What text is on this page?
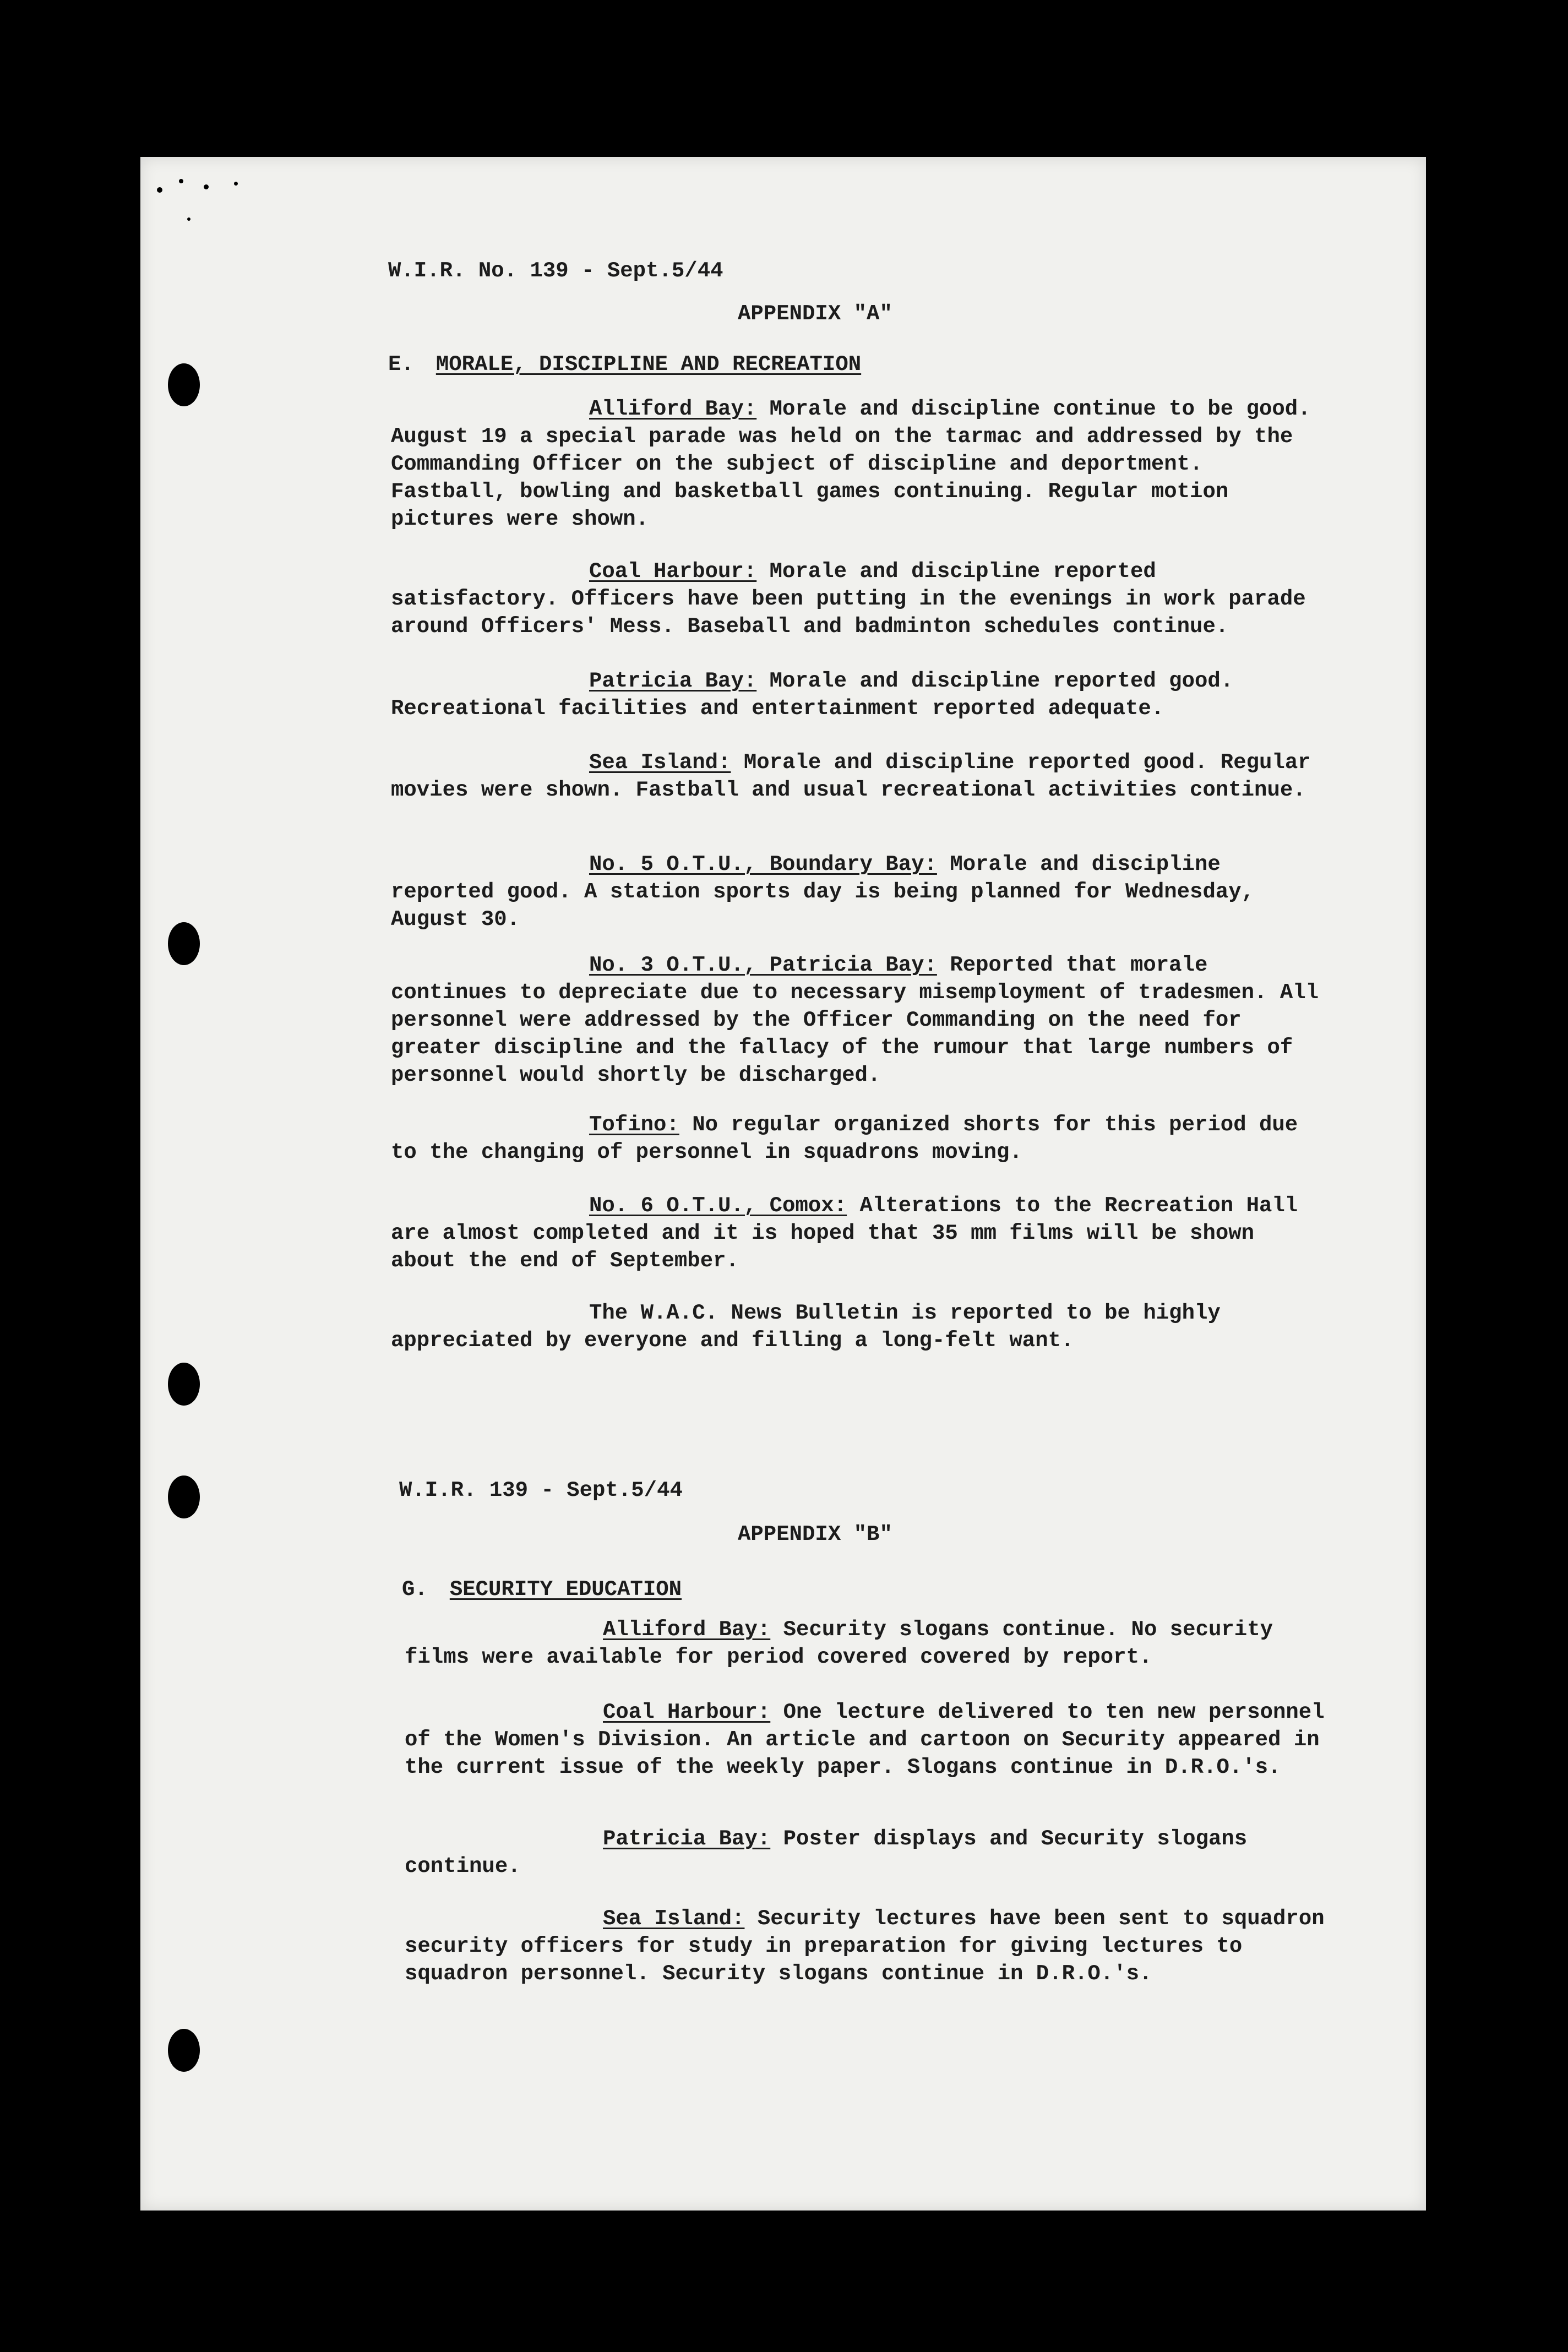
W.I.R. No. 139 - Sept.5/44
APPENDIX "A"
E. MORALE, DISCIPLINE AND RECREATION

Alliford Bay: Morale and discipline continue to be good. August 19 a special parade was held on the tarmac and addressed by the Commanding Officer on the subject of discipline and deportment. Fastball, bowling and basketball games continuing. Regular motion pictures were shown.

Coal Harbour: Morale and discipline reported satisfactory. Officers have been putting in the evenings in work parade around Officers' Mess. Baseball and badminton schedules continue.

Patricia Bay: Morale and discipline reported good. Recreational facilities and entertainment reported adequate.

Sea Island: Morale and discipline reported good. Regular movies were shown. Fastball and usual recreational activities continue.

No. 5 O.T.U., Boundary Bay: Morale and discipline reported good. A station sports day is being planned for Wednesday, August 30.

No. 3 O.T.U., Patricia Bay: Reported that morale continues to depreciate due to necessary misemployment of tradesmen. All personnel were addressed by the Officer Commanding on the need for greater discipline and the fallacy of the rumour that large numbers of personnel would shortly be discharged.

Tofino: No regular organized shorts for this period due to the changing of personnel in squadrons moving.

No. 6 O.T.U., Comox: Alterations to the Recreation Hall are almost completed and it is hoped that 35 mm films will be shown about the end of September.

The W.A.C. News Bulletin is reported to be highly appreciated by everyone and filling a long-felt want.

W.I.R. 139 - Sept.5/44
APPENDIX "B"
G. SECURITY EDUCATION

Alliford Bay: Security slogans continue. No security films were available for period covered covered by report.

Coal Harbour: One lecture delivered to ten new personnel of the Women's Division. An article and cartoon on Security appeared in the current issue of the weekly paper. Slogans continue in D.R.O.'s.

Patricia Bay: Poster displays and Security slogans continue.

Sea Island: Security lectures have been sent to squadron security officers for study in preparation for giving lectures to squadron personnel. Security slogans continue in D.R.O.'s.
